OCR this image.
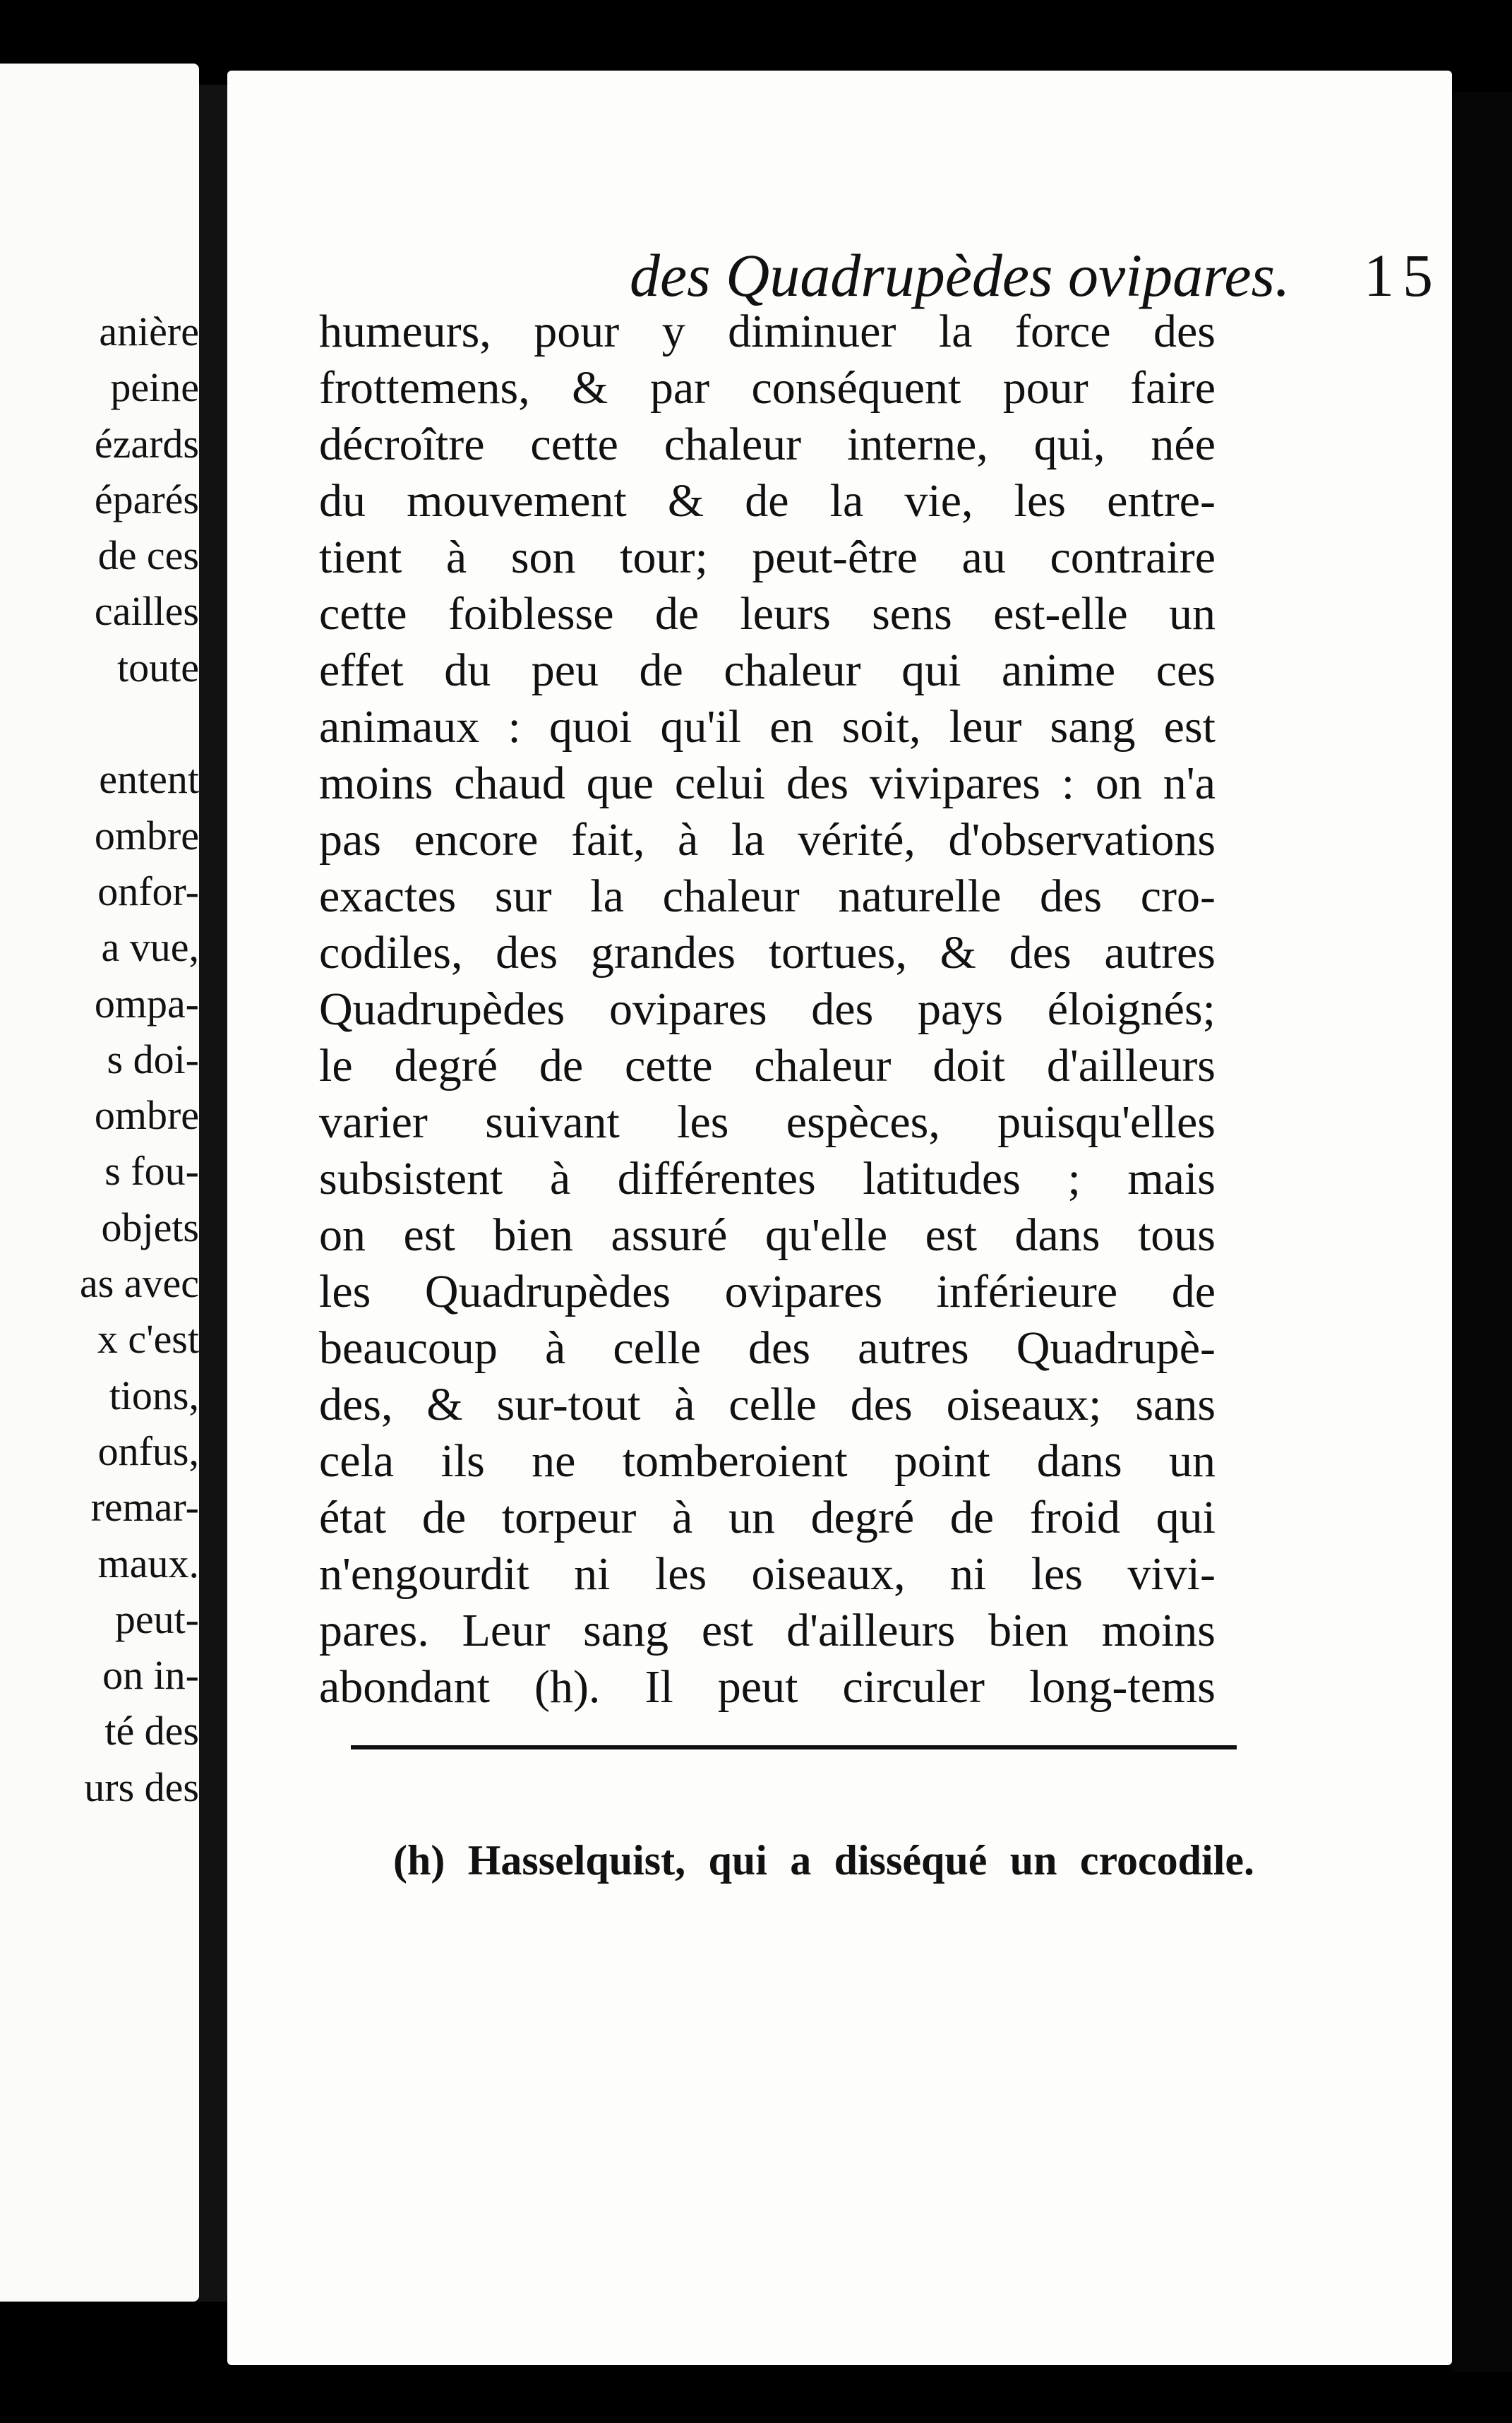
anière
peine
ézards
éparés
de ces
cailles
toute
entent
ombre
onfor-
a vue,
ompa-
s doi-
ombre
s fou-
objets
as avec
x c'est
tions,
onfus,
remar-
maux.
peut-
on in-
té des
urs des
des Quadrupèdes ovipares. 15
humeurs, pour y diminuer la force des
frottemens, & par conséquent pour faire
décroître cette chaleur interne, qui, née
du mouvement & de la vie, les entre-
tient à son tour; peut-être au contraire
cette foiblesse de leurs sens est-elle un
effet du peu de chaleur qui anime ces
animaux : quoi qu'il en soit, leur sang est
moins chaud que celui des vivipares : on n'a
pas encore fait, à la vérité, d'observations
exactes sur la chaleur naturelle des cro-
codiles, des grandes tortues, & des autres
Quadrupèdes ovipares des pays éloignés;
le degré de cette chaleur doit d'ailleurs
varier suivant les espèces, puisqu'elles
subsistent à différentes latitudes ; mais
on est bien assuré qu'elle est dans tous
les Quadrupèdes ovipares inférieure de
beaucoup à celle des autres Quadrupè-
des, & sur-tout à celle des oiseaux; sans
cela ils ne tomberoient point dans un
état de torpeur à un degré de froid qui
n'engourdit ni les oiseaux, ni les vivi-
pares. Leur sang est d'ailleurs bien moins
abondant (h). Il peut circuler long-tems
(h) Hasselquist, qui a disséqué un crocodile.
